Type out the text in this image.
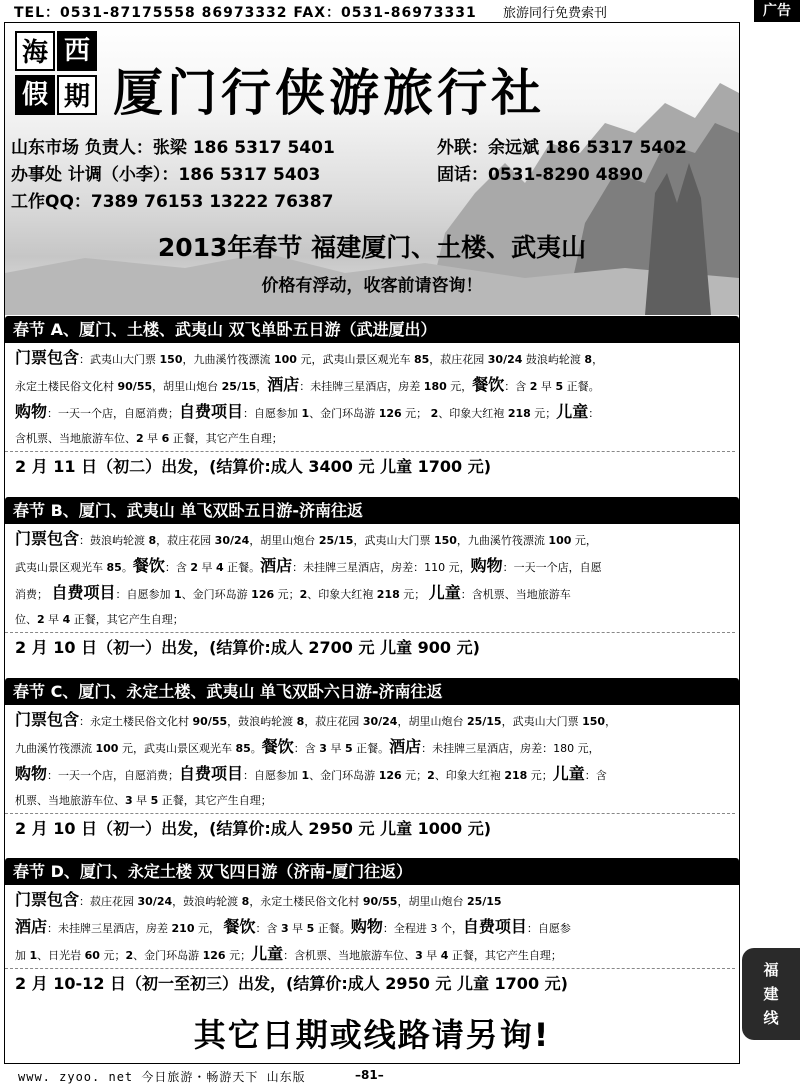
TEL：0531-87175558 86973332 FAX：0531-86973331 旅游同行免费索刊	广告
海 西
假 期 厦门行侠游旅行社
山东市场 负责人：张梁 186 5317 5401	外联：余远斌 186 5317 5402
办事处 计调（小李）：186 5317 5403	固话：0531-8290 4890
工作QQ：7389 76153 13222 76387
2013年春节 福建厦门、土楼、武夷山
价格有浮动，收客前请咨询！
春节 A、厦门、土楼、武夷山 双飞单卧五日游（武进厦出）
门票包含：武夷山大门票 150，九曲溪竹筏漂流 100 元，武夷山景区观光车 85，菽庄花园 30/24 鼓浪屿轮渡 8，
永定土楼民俗文化村 90/55，胡里山炮台 25/15，酒店：未挂牌三星酒店，房差 180 元，餐饮：含 2 早 5 正餐。
购物：一天一个店，自愿消费；自费项目：自愿参加 1、金门环岛游 126 元； 2、印象大红袍 218 元；儿童：
含机票、当地旅游车位、2 早 6 正餐，其它产生自理；
2 月 11 日（初二）出发，(结算价:成人 3400 元 儿童 1700 元)
春节 B、厦门、武夷山 单飞双卧五日游-济南往返
门票包含：鼓浪屿轮渡 8，菽庄花园 30/24，胡里山炮台 25/15，武夷山大门票 150，九曲溪竹筏漂流 100 元，
武夷山景区观光车 85。餐饮：含 2 早 4 正餐。酒店：未挂牌三星酒店，房差：110 元，购物：一天一个店，自愿
消费； 自费项目：自愿参加 1、金门环岛游 126 元；2、印象大红袍 218 元； 儿童：含机票、当地旅游车
位、2 早 4 正餐，其它产生自理；
2 月 10 日（初一）出发，(结算价:成人 2700 元 儿童 900 元)
春节 C、厦门、永定土楼、武夷山 单飞双卧六日游-济南往返
门票包含：永定土楼民俗文化村 90/55，鼓浪屿轮渡 8，菽庄花园 30/24，胡里山炮台 25/15，武夷山大门票 150，
九曲溪竹筏漂流 100 元，武夷山景区观光车 85。餐饮：含 3 早 5 正餐。酒店：未挂牌三星酒店，房差：180 元，
购物：一天一个店，自愿消费；自费项目：自愿参加 1、金门环岛游 126 元；2、印象大红袍 218 元；儿童：含
机票、当地旅游车位、3 早 5 正餐，其它产生自理；
2 月 10 日（初一）出发，(结算价:成人 2950 元 儿童 1000 元)
春节 D、厦门、永定土楼 双飞四日游（济南-厦门往返）
门票包含：菽庄花园 30/24，鼓浪屿轮渡 8，永定土楼民俗文化村 90/55，胡里山炮台 25/15
酒店：未挂牌三星酒店，房差 210 元， 餐饮：含 3 早 5 正餐。购物：全程进 3 个，自费项目：自愿参
加 1、日光岩 60 元；2、金门环岛游 126 元；儿童：含机票、当地旅游车位、3 早 4 正餐，其它产生自理；
2 月 10-12 日（初一至初三）出发，(结算价:成人 2950 元 儿童 1700 元)
其它日期或线路请另询!
福
建
线
www. zyoo. net 今日旅游・畅游天下 山东版	–81–
